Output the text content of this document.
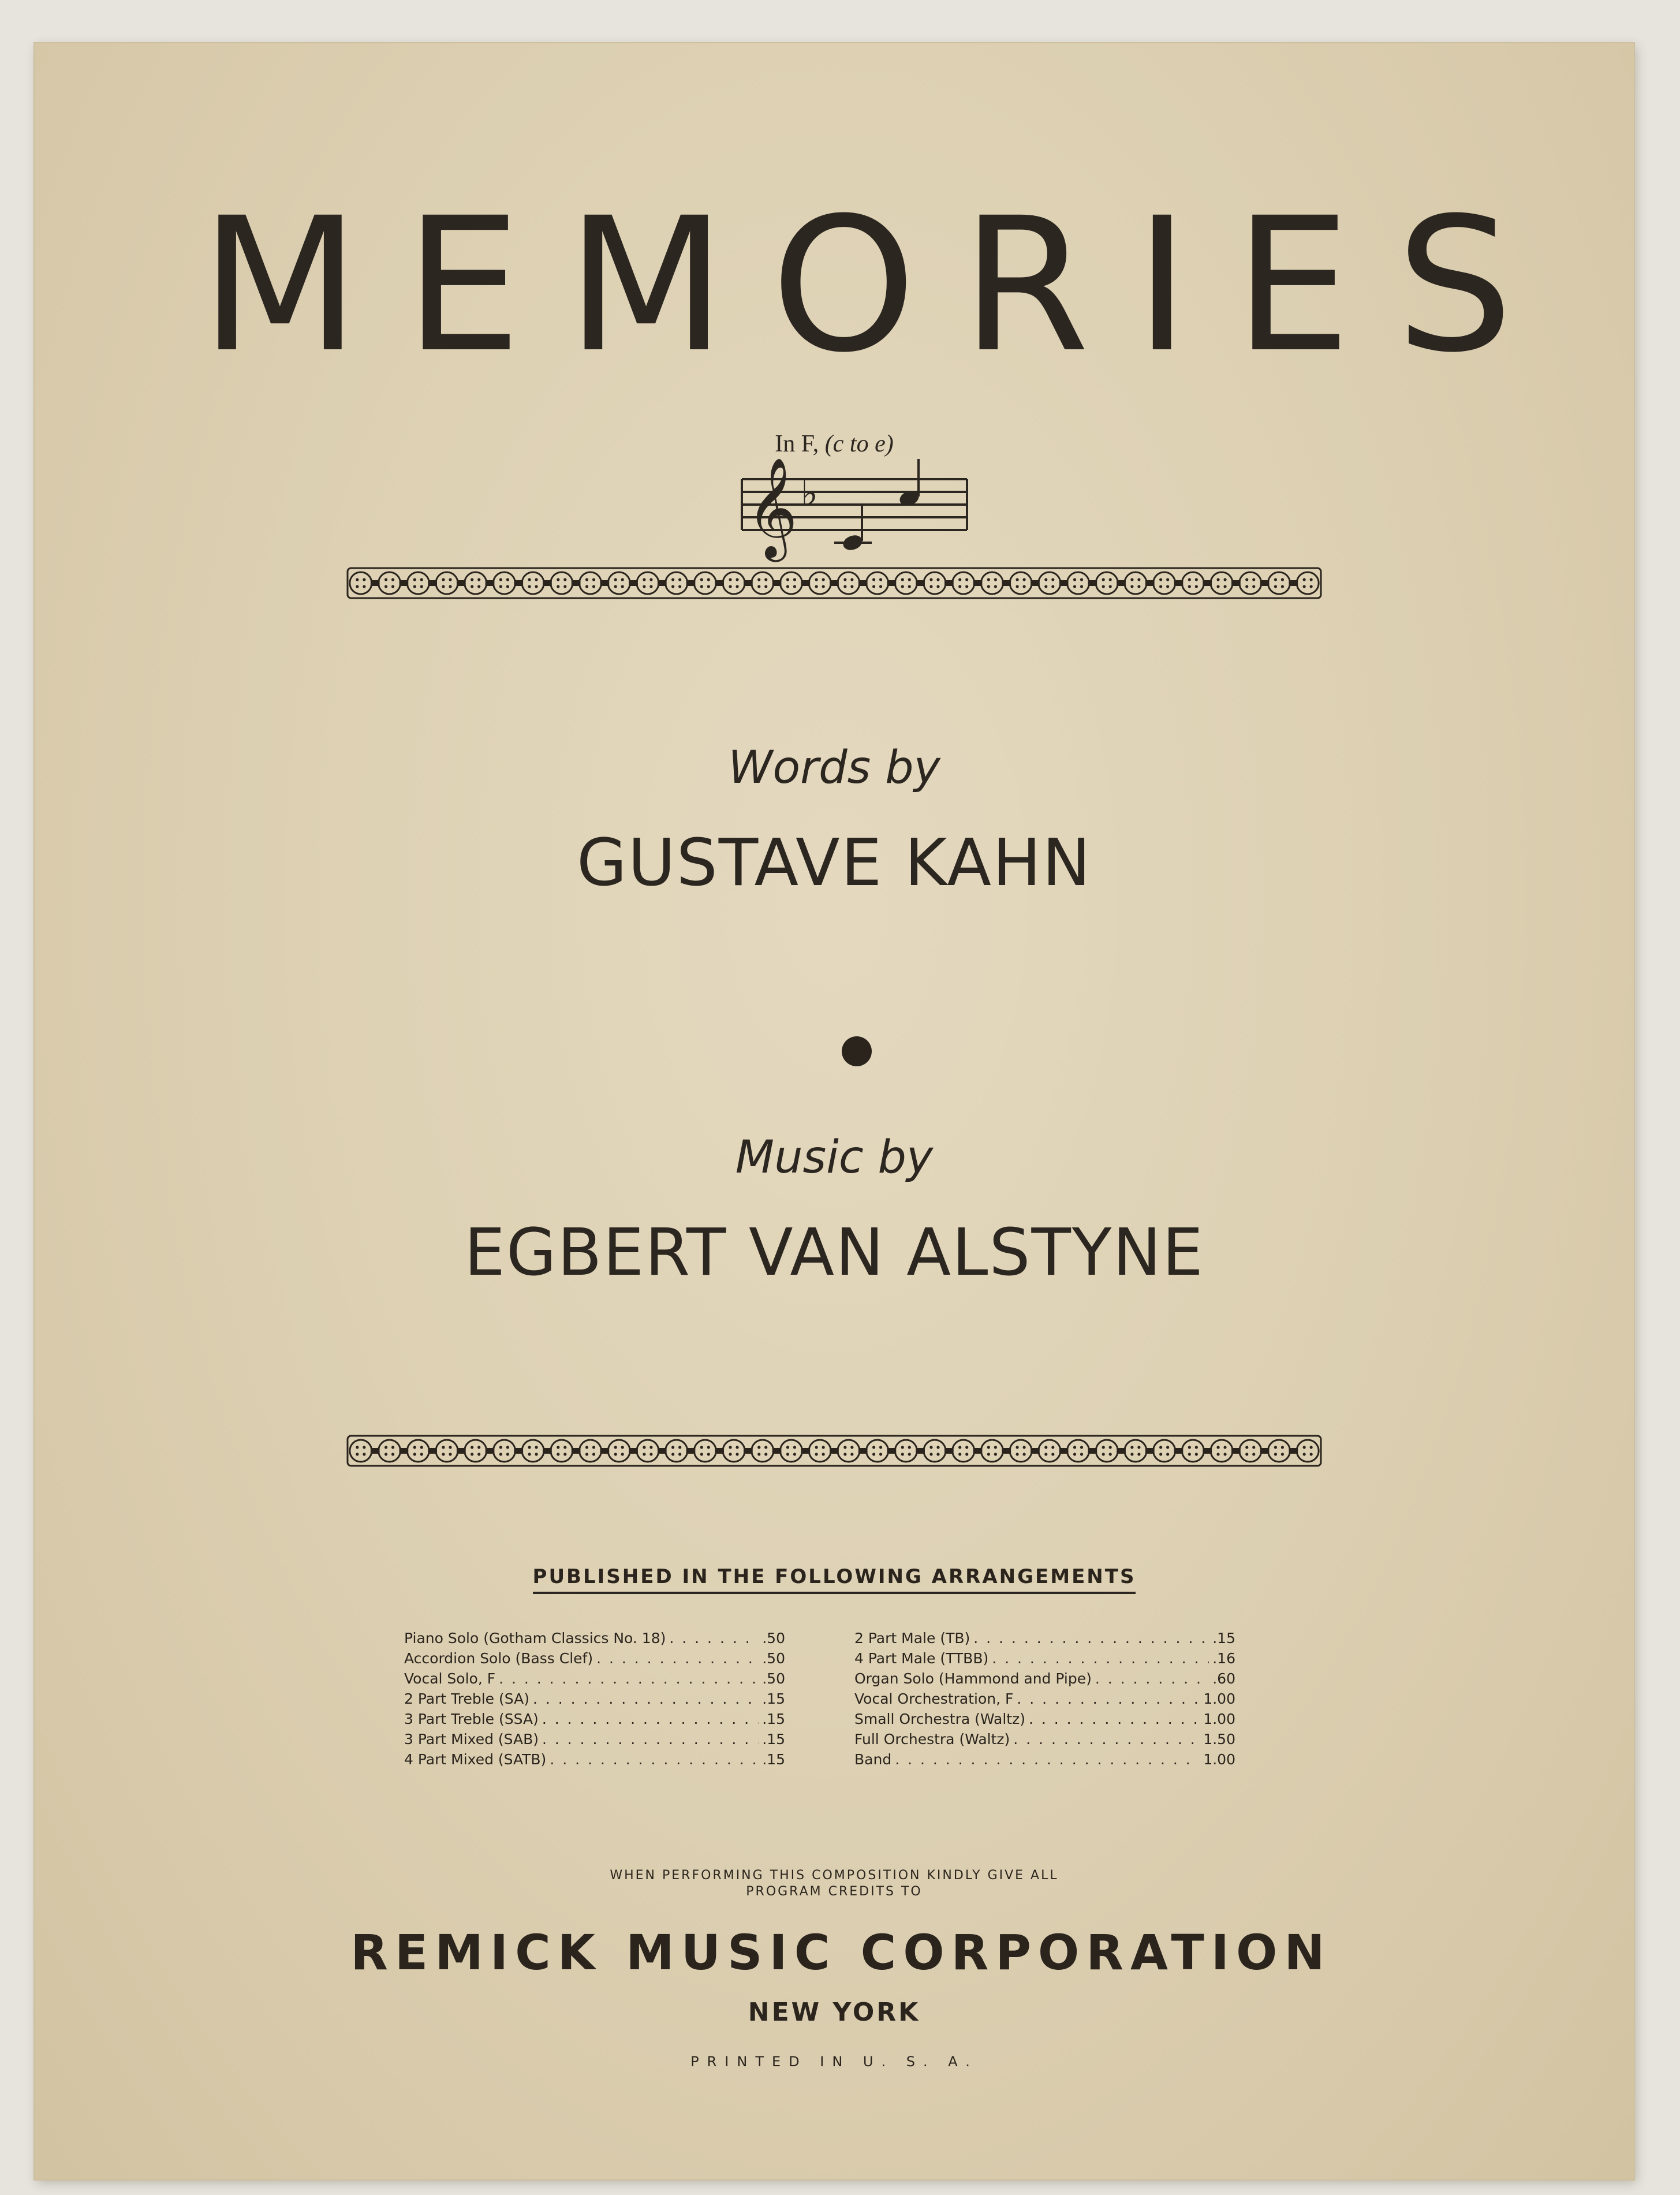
MEMORIES
In F, (c to e)
𝄞 ♭
Words by
GUSTAVE KAHN
Music by
EGBERT VAN ALSTYNE
PUBLISHED IN THE FOLLOWING ARRANGEMENTS
Piano Solo (Gotham Classics No. 18) . . .	.50
Accordion Solo (Bass Clef) . . .	.50
Vocal Solo, F . . .	.50
2 Part Treble (SA) . . .	.15
3 Part Treble (SSA) . . .	.15
3 Part Mixed (SAB) . . .	.15
4 Part Mixed (SATB) . . .	.15
2 Part Male (TB) . . .	.15
4 Part Male (TTBB) . . .	.16
Organ Solo (Hammond and Pipe) . . .	.60
Vocal Orchestration, F . . .	1.00
Small Orchestra (Waltz) . . .	1.00
Full Orchestra (Waltz) . . .	1.50
Band . . .	1.00
WHEN PERFORMING THIS COMPOSITION KINDLY GIVE ALL
PROGRAM CREDITS TO
REMICK MUSIC CORPORATION
NEW YORK
PRINTED IN U. S. A.
